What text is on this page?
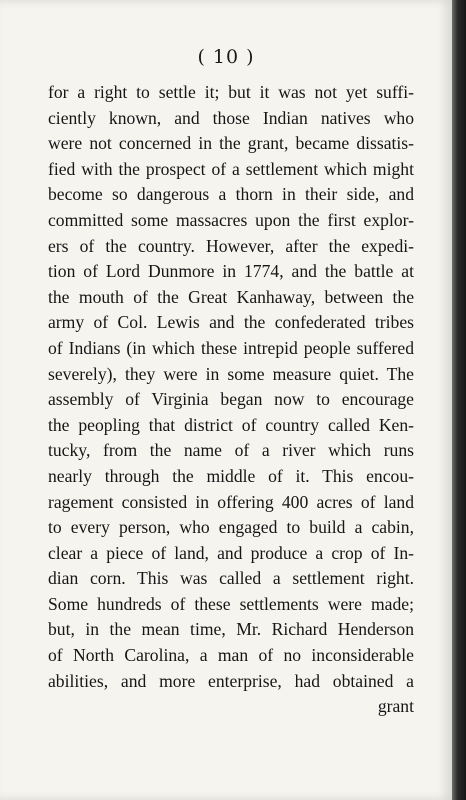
( 10 )
for a right to settle it; but it was not yet suffi-
ciently known, and those Indian natives who
were not concerned in the grant, became dissatis-
fied with the prospect of a settlement which might
become so dangerous a thorn in their side, and
committed some massacres upon the first explor-
ers of the country. However, after the expedi-
tion of Lord Dunmore in 1774, and the battle at
the mouth of the Great Kanhaway, between the
army of Col. Lewis and the confederated tribes
of Indians (in which these intrepid people suffered
severely), they were in some measure quiet. The
assembly of Virginia began now to encourage
the peopling that district of country called Ken-
tucky, from the name of a river which runs
nearly through the middle of it. This encou-
ragement consisted in offering 400 acres of land
to every person, who engaged to build a cabin,
clear a piece of land, and produce a crop of In-
dian corn. This was called a settlement right.
Some hundreds of these settlements were made;
but, in the mean time, Mr. Richard Henderson
of North Carolina, a man of no inconsiderable
abilities, and more enterprise, had obtained a
grant
